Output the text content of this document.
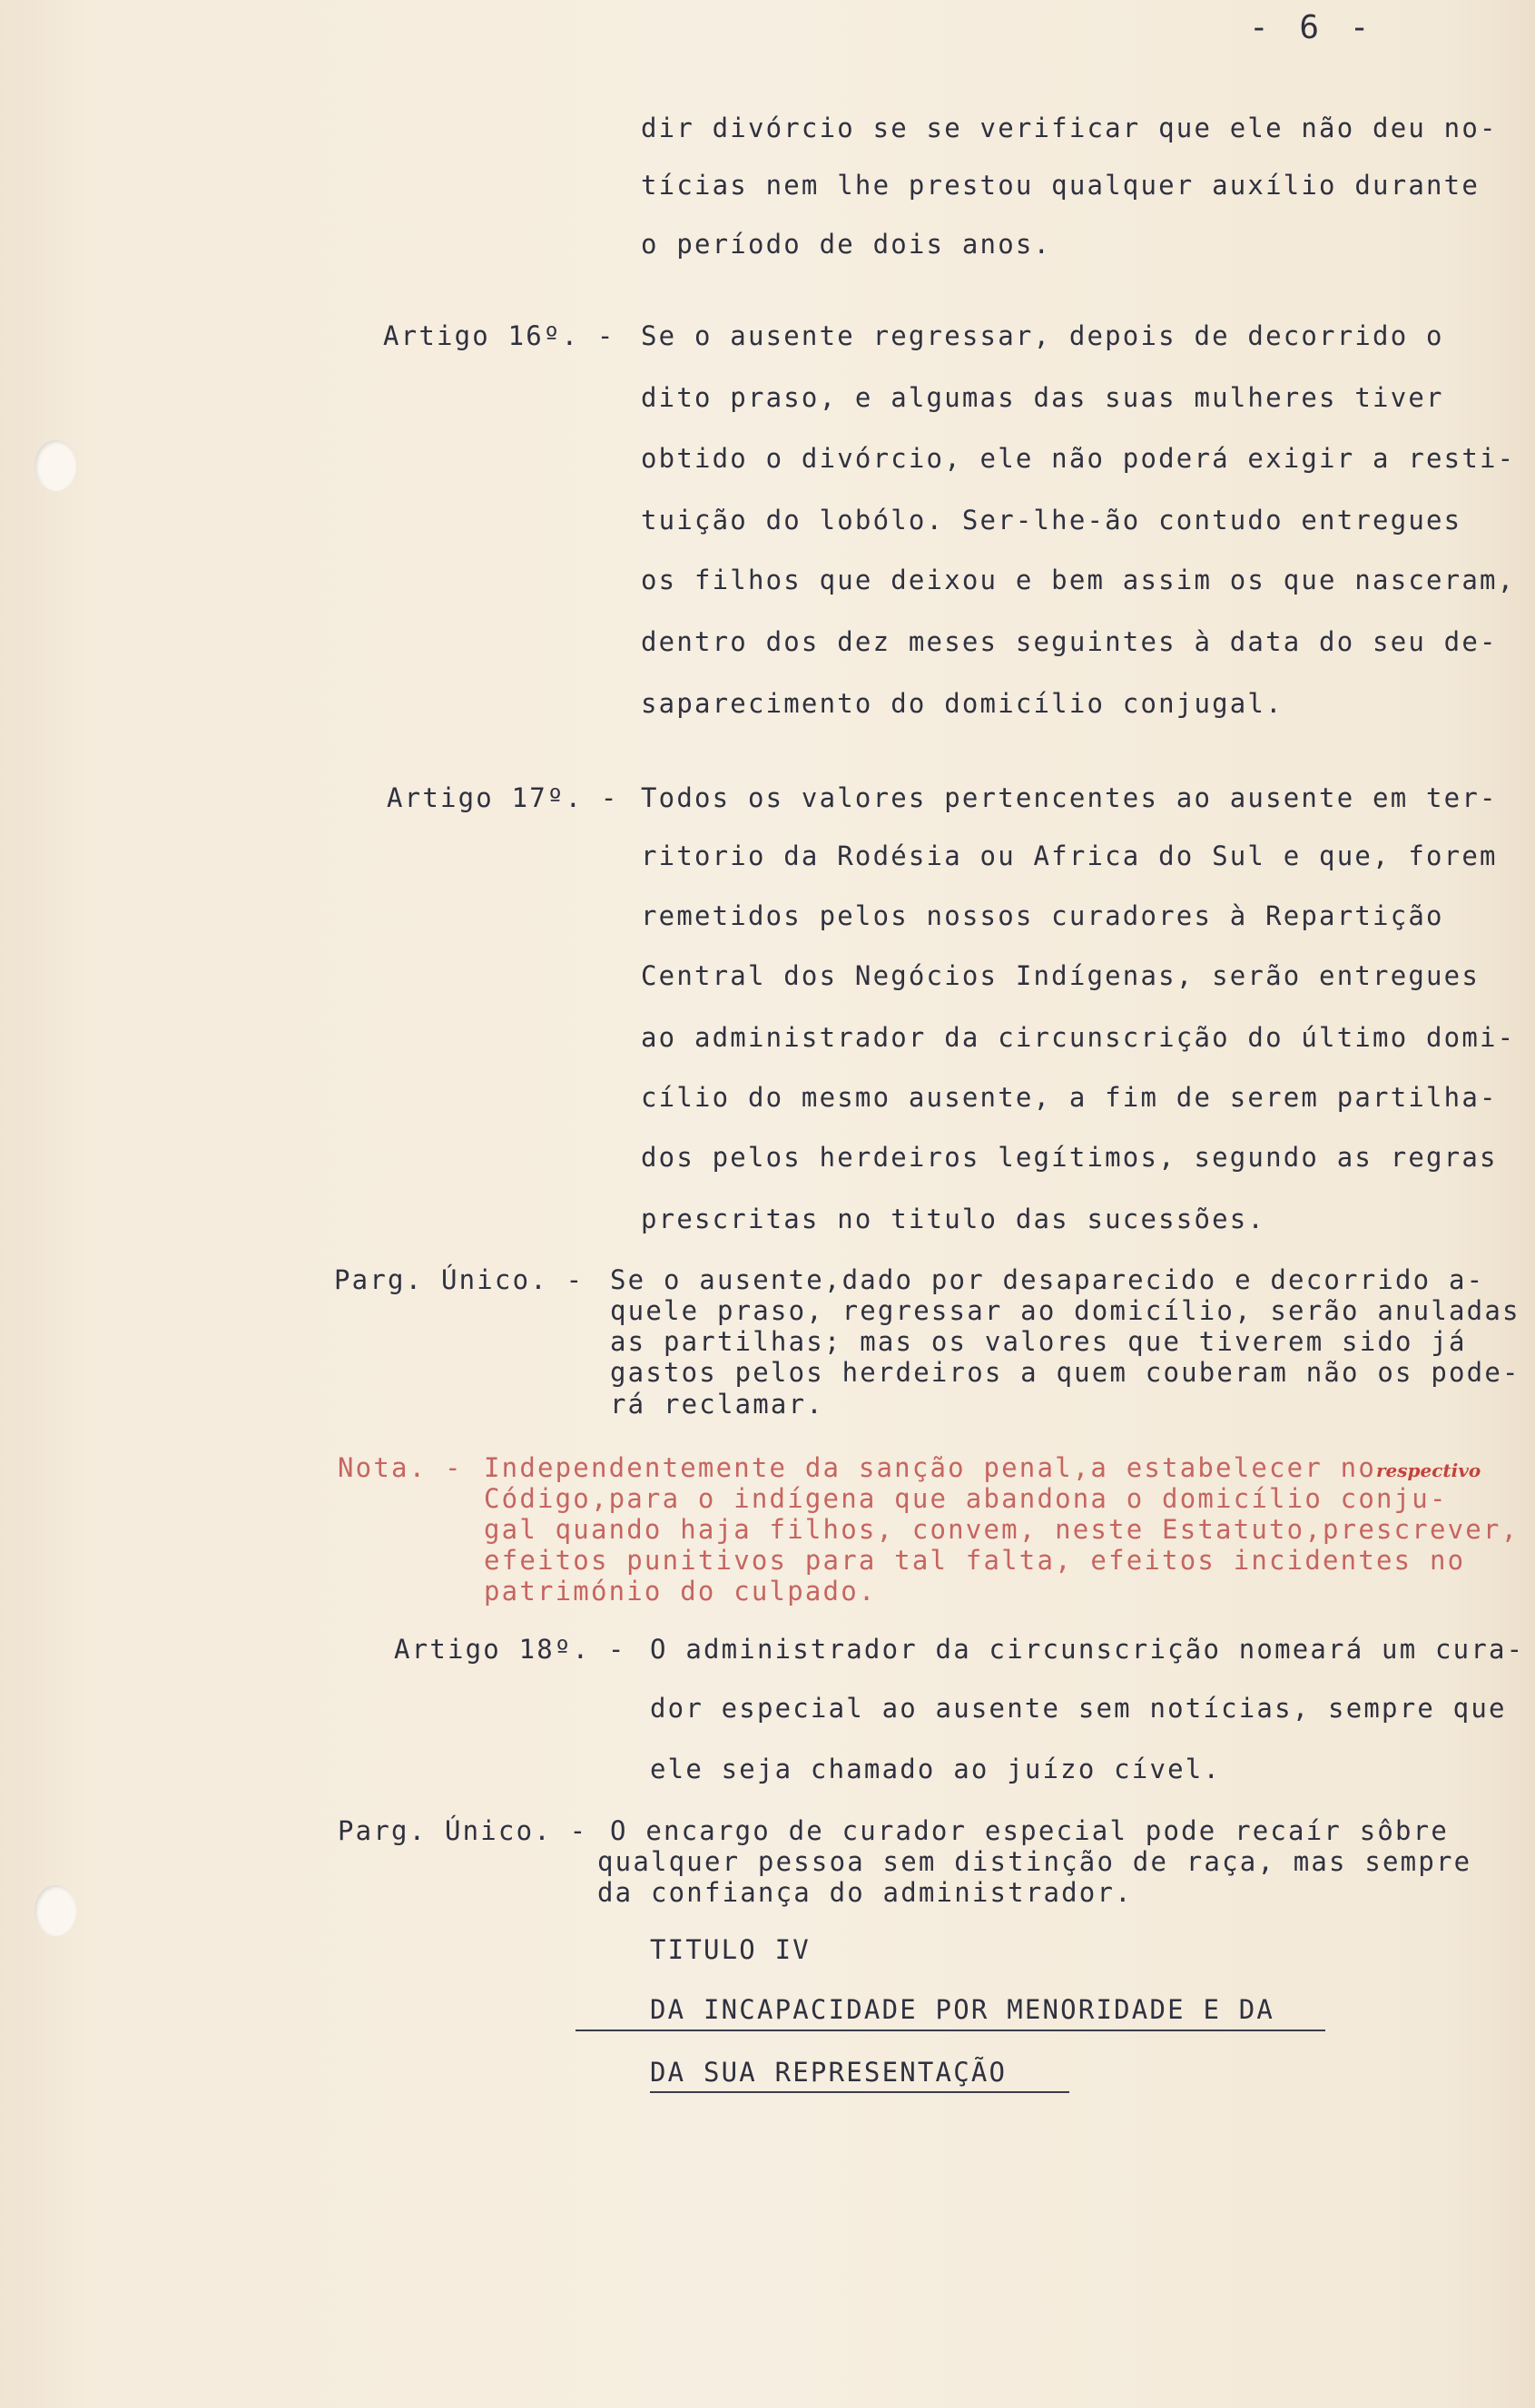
- 6 -
dir divórcio se se verificar que ele não deu no-
tícias nem lhe prestou qualquer auxílio durante
o período de dois anos.
Artigo 16º. - Se o ausente regressar, depois de decorrido o
dito praso, e algumas das suas mulheres tiver
obtido o divórcio, ele não poderá exigir a resti-
tuição do lobólo. Ser-lhe-ão contudo entregues
os filhos que deixou e bem assim os que nasceram,
dentro dos dez meses seguintes à data do seu de-
saparecimento do domicílio conjugal.
Artigo 17º. - Todos os valores pertencentes ao ausente em ter-
ritorio da Rodésia ou Africa do Sul e que, forem
remetidos pelos nossos curadores à Repartição
Central dos Negócios Indígenas, serão entregues
ao administrador da circunscrição do último domi-
cílio do mesmo ausente, a fim de serem partilha-
dos pelos herdeiros legítimos, segundo as regras
prescritas no titulo das sucessões.
Parg. Único. - Se o ausente,dado por desaparecido e decorrido a-
quele praso, regressar ao domicílio, serão anuladas
as partilhas; mas os valores que tiverem sido já
gastos pelos herdeiros a quem couberam não os pode-
rá reclamar.
Nota. - Independentemente da sanção penal,a estabelecer norespectivo
Código,para o indígena que abandona o domicílio conju-
gal quando haja filhos, convem, neste Estatuto,prescrever,
efeitos punitivos para tal falta, efeitos incidentes no
património do culpado.
Artigo 18º. - O administrador da circunscrição nomeará um cura-
dor especial ao ausente sem notícias, sempre que
ele seja chamado ao juízo cível.
Parg. Único. - O encargo de curador especial pode recaír sôbre
qualquer pessoa sem distinção de raça, mas sempre
da confiança do administrador.
TITULO IV
DA INCAPACIDADE POR MENORIDADE E DA
DA SUA REPRESENTAÇÃO
